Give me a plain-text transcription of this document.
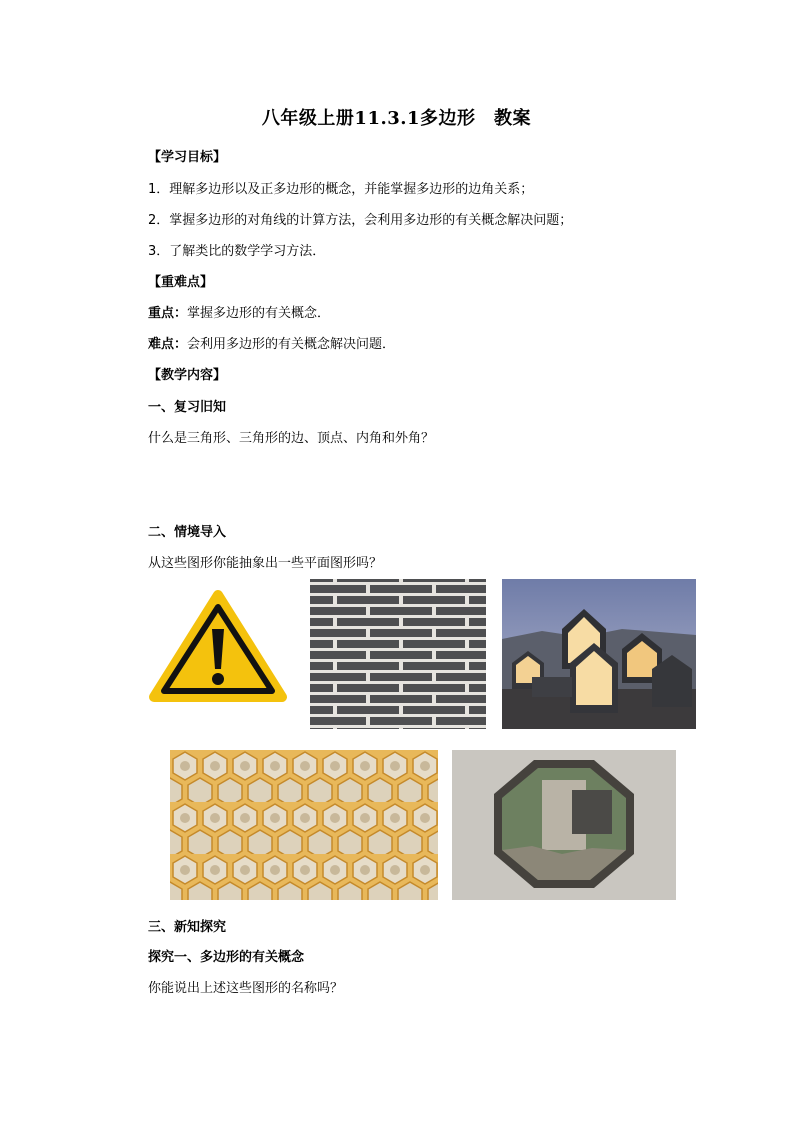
八年级上册11.3.1多边形　教案
【学习目标】
1．理解多边形以及正多边形的概念，并能掌握多边形的边角关系；
2．掌握多边形的对角线的计算方法，会利用多边形的有关概念解决问题；
3．了解类比的数学学习方法．
【重难点】
重点：掌握多边形的有关概念．
难点：会利用多边形的有关概念解决问题．
【教学内容】
一、复习旧知
什么是三角形、三角形的边、顶点、内角和外角？
二、情境导入
从这些图形你能抽象出一些平面图形吗？
三、新知探究
探究一、多边形的有关概念
你能说出上述这些图形的名称吗？
